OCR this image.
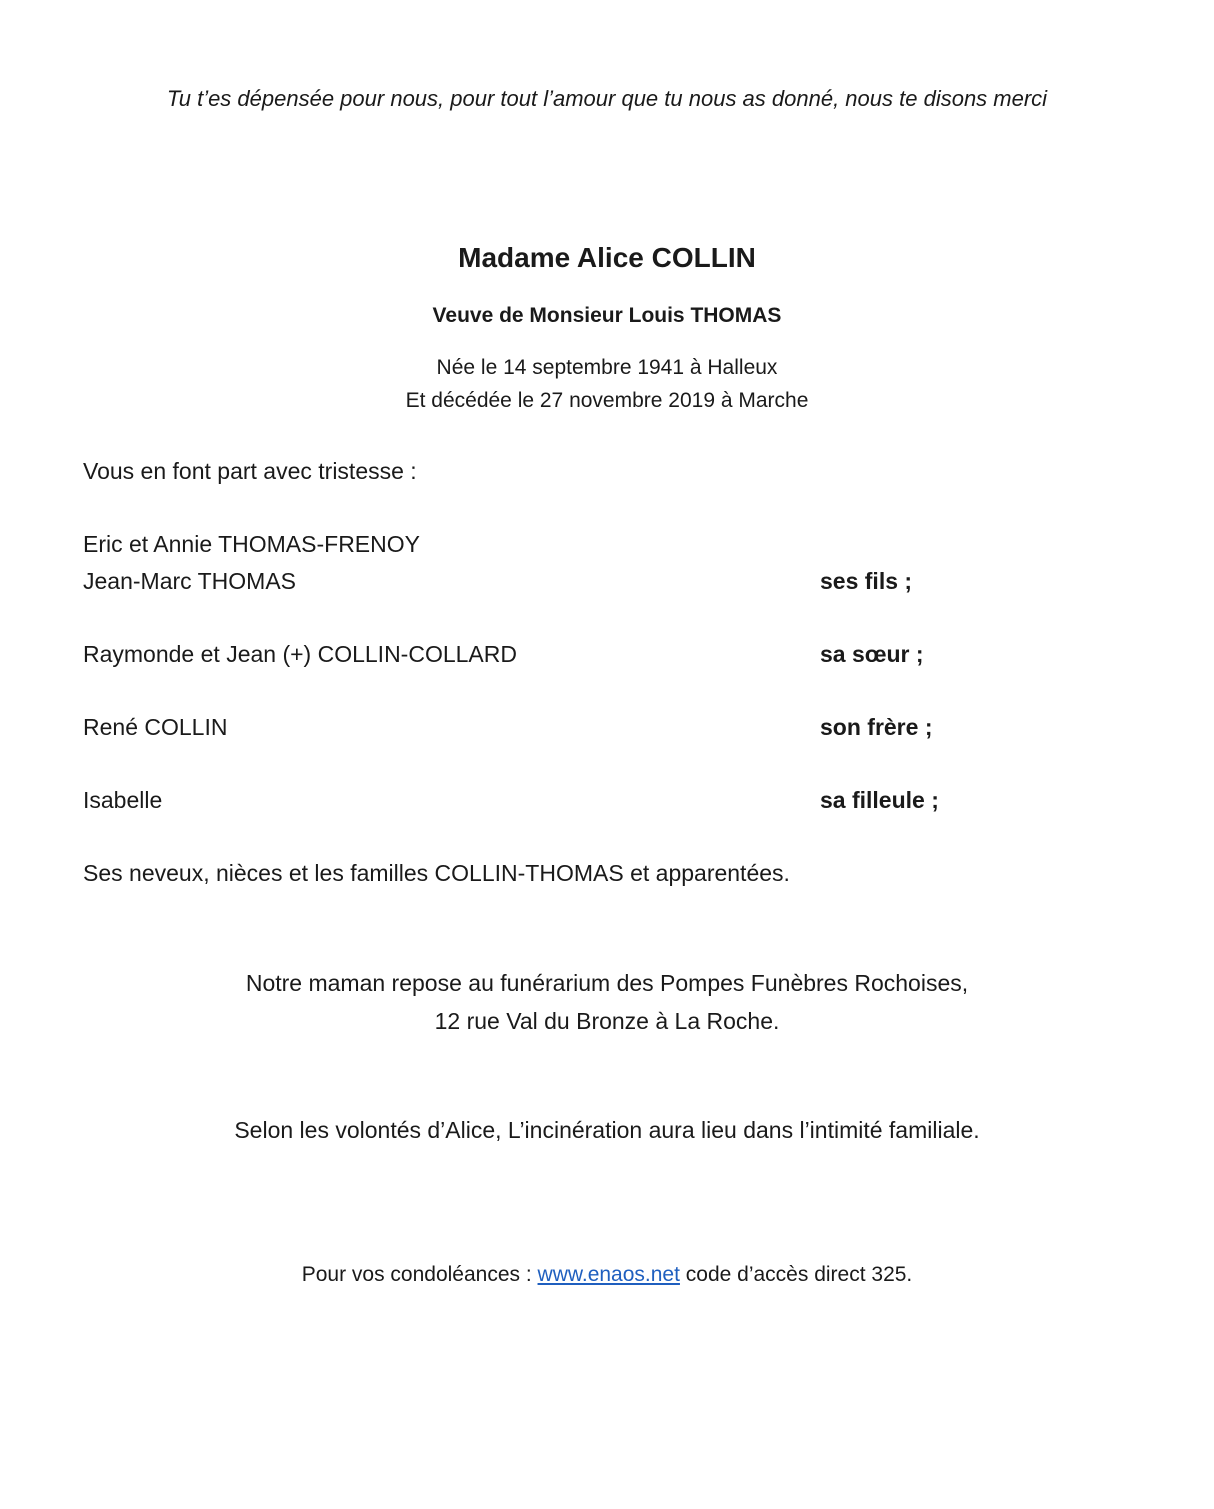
Tu t’es dépensée pour nous, pour tout l’amour que tu nous as donné, nous te disons merci
Madame Alice COLLIN
Veuve de Monsieur Louis THOMAS
Née le 14 septembre 1941 à Halleux
Et décédée le 27 novembre 2019 à Marche
Vous en font part avec tristesse :
Eric et Annie THOMAS-FRENOY
Jean-Marc THOMAS	ses fils ;
Raymonde et Jean (+) COLLIN-COLLARD	sa sœur ;
René COLLIN	son frère ;
Isabelle	sa filleule ;
Ses neveux, nièces et les familles COLLIN-THOMAS et apparentées.
Notre maman repose au funérarium des Pompes Funèbres Rochoises,
12 rue Val du Bronze à La Roche.
Selon les volontés d’Alice, L’incinération aura lieu dans l’intimité familiale.
Pour vos condoléances : www.enaos.net code d’accès direct 325.
